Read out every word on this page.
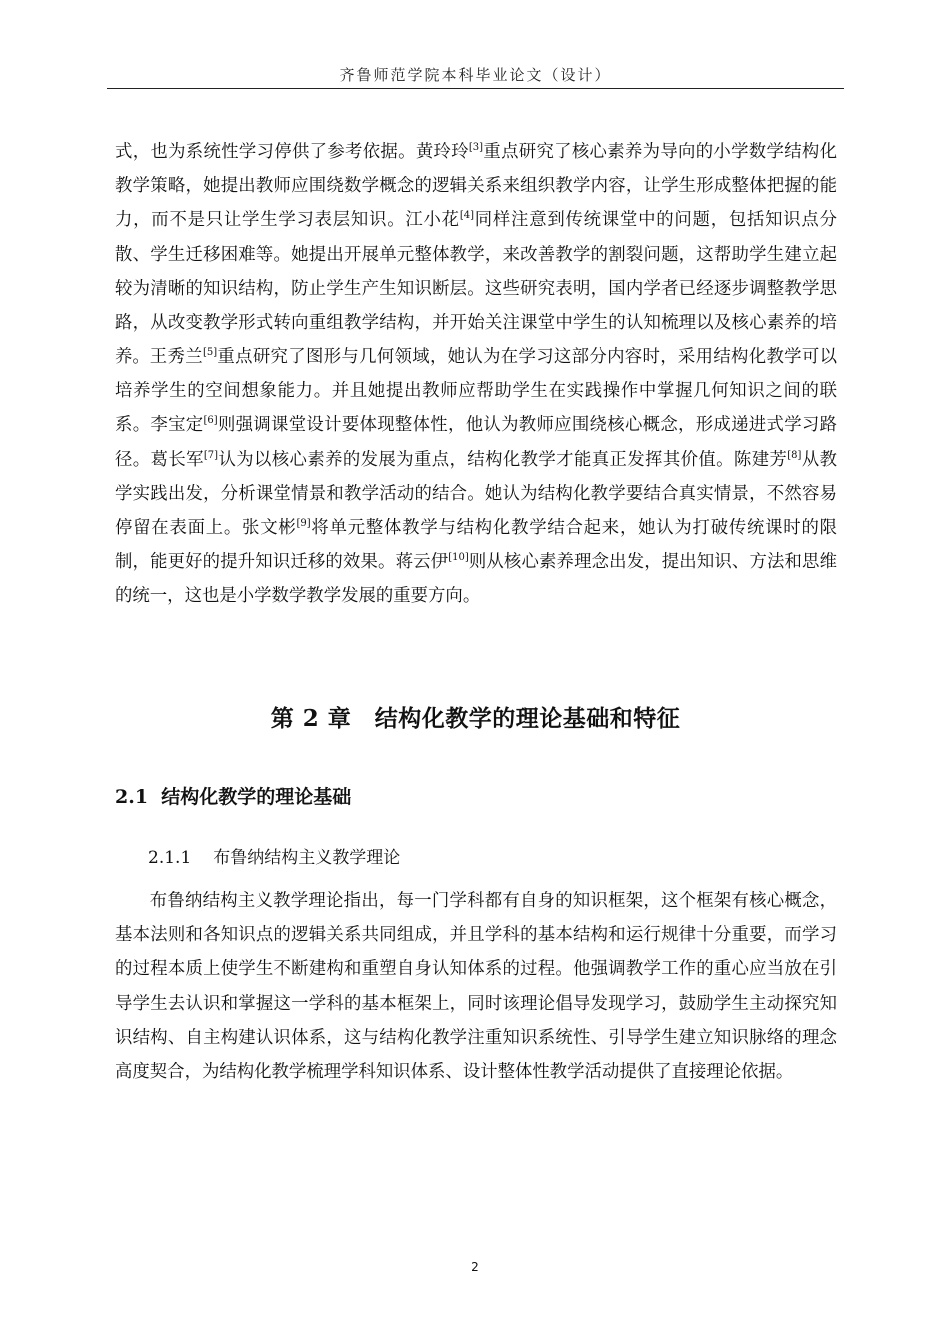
齐鲁师范学院本科毕业论文（设计）

式，也为系统性学习停供了参考依据。黄玲玲[3]重点研究了核心素养为导向的小学数学结构化教学策略，她提出教师应围绕数学概念的逻辑关系来组织教学内容，让学生形成整体把握的能力，而不是只让学生学习表层知识。江小花[4]同样注意到传统课堂中的问题，包括知识点分散、学生迁移困难等。她提出开展单元整体教学，来改善教学的割裂问题，这帮助学生建立起较为清晰的知识结构，防止学生产生知识断层。这些研究表明，国内学者已经逐步调整教学思路，从改变教学形式转向重组教学结构，并开始关注课堂中学生的认知梳理以及核心素养的培养。 王秀兰[5]重点研究了图形与几何领域，她认为在学习这部分内容时，采用结构化教学可以培养学生的空间想象能力。并且她提出教师应帮助学生在实践操作中掌握几何知识之间的联系。李宝定[6]则强调课堂设计要体现整体性，他认为教师应围绕核心概念，形成递进式学习路径。葛长军[7]认为以核心素养的发展为重点，结构化教学才能真正发挥其价值。陈建芳[8]从教学实践出发，分析课堂情景和教学活动的结合。她认为结构化教学要结合真实情景，不然容易停留在表面上。张文彬[9]将单元整体教学与结构化教学结合起来，她认为打破传统课时的限制，能更好的提升知识迁移的效果。蒋云伊[10]则从核心素养理念出发，提出知识、方法和思维的统一，这也是小学数学教学发展的重要方向。

第 2 章　结构化教学的理论基础和特征
2.1 结构化教学的理论基础
2.1.1 布鲁纳结构主义教学理论

布鲁纳结构主义教学理论指出，每一门学科都有自身的知识框架，这个框架有核心概念，基本法则和各知识点的逻辑关系共同组成，并且学科的基本结构和运行规律十分重要，而学习的过程本质上使学生不断建构和重塑自身认知体系的过程。他强调教学工作的重心应当放在引导学生去认识和掌握这一学科的基本框架上，同时该理论倡导发现学习，鼓励学生主动探究知识结构、自主构建认识体系，这与结构化教学注重知识系统性、引导学生建立知识脉络的理念高度契合，为结构化教学梳理学科知识体系、设计整体性教学活动提供了直接理论依据。

2
